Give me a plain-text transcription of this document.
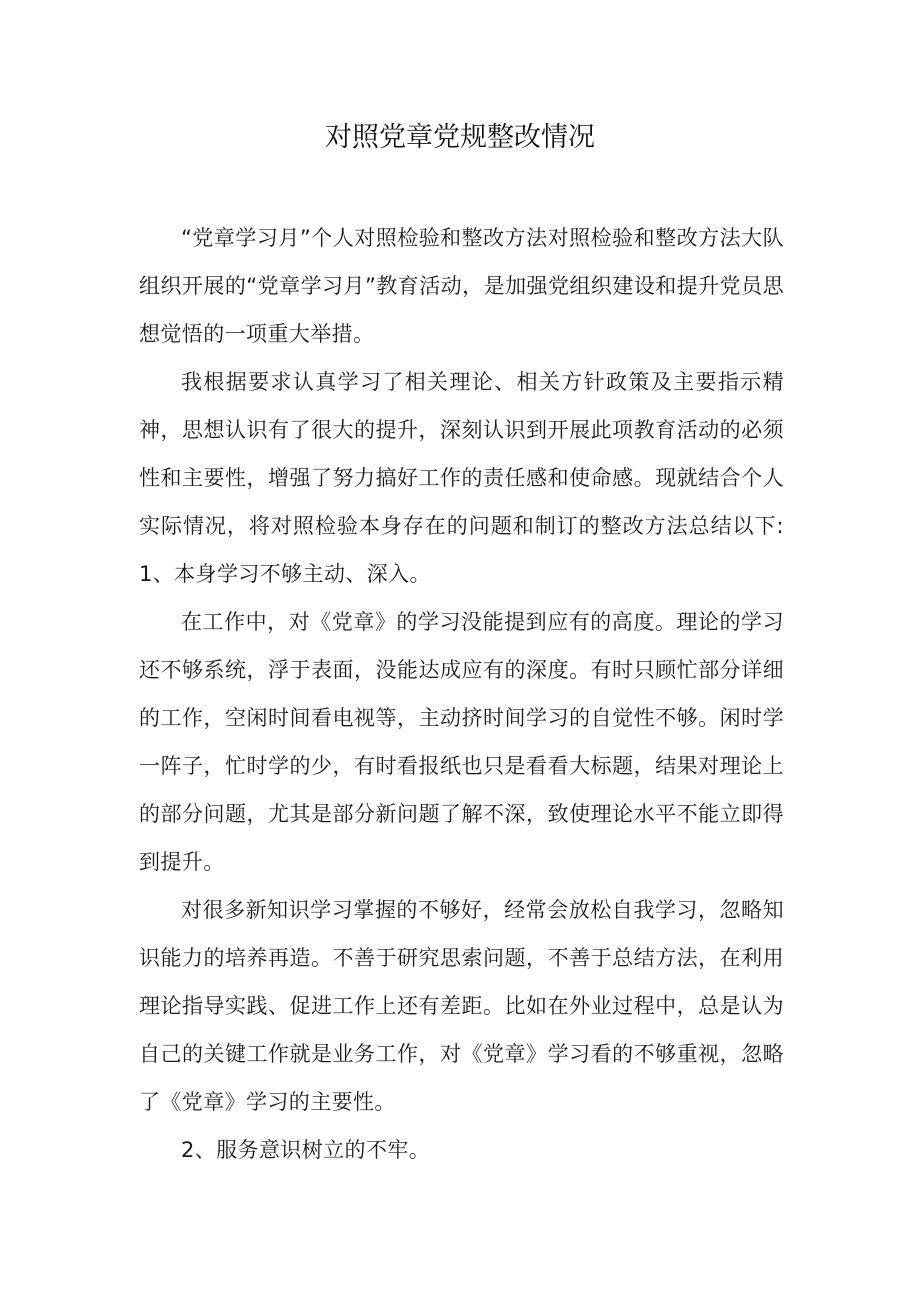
对照党章党规整改情况

“党章学习月”个人对照检验和整改方法对照检验和整改方法大队组织开展的“党章学习月”教育活动，是加强党组织建设和提升党员思想觉悟的一项重大举措。

我根据要求认真学习了相关理论、相关方针政策及主要指示精神，思想认识有了很大的提升，深刻认识到开展此项教育活动的必须性和主要性，增强了努力搞好工作的责任感和使命感。现就结合个人实际情况，将对照检验本身存在的问题和制订的整改方法总结以下:1、本身学习不够主动、深入。

在工作中，对《党章》的学习没能提到应有的高度。理论的学习还不够系统，浮于表面，没能达成应有的深度。有时只顾忙部分详细的工作，空闲时间看电视等，主动挤时间学习的自觉性不够。闲时学一阵子，忙时学的少，有时看报纸也只是看看大标题，结果对理论上的部分问题，尤其是部分新问题了解不深，致使理论水平不能立即得到提升。

对很多新知识学习掌握的不够好，经常会放松自我学习，忽略知识能力的培养再造。不善于研究思索问题，不善于总结方法，在利用理论指导实践、促进工作上还有差距。比如在外业过程中，总是认为自己的关键工作就是业务工作，对《党章》学习看的不够重视，忽略了《党章》学习的主要性。

2、服务意识树立的不牢。
